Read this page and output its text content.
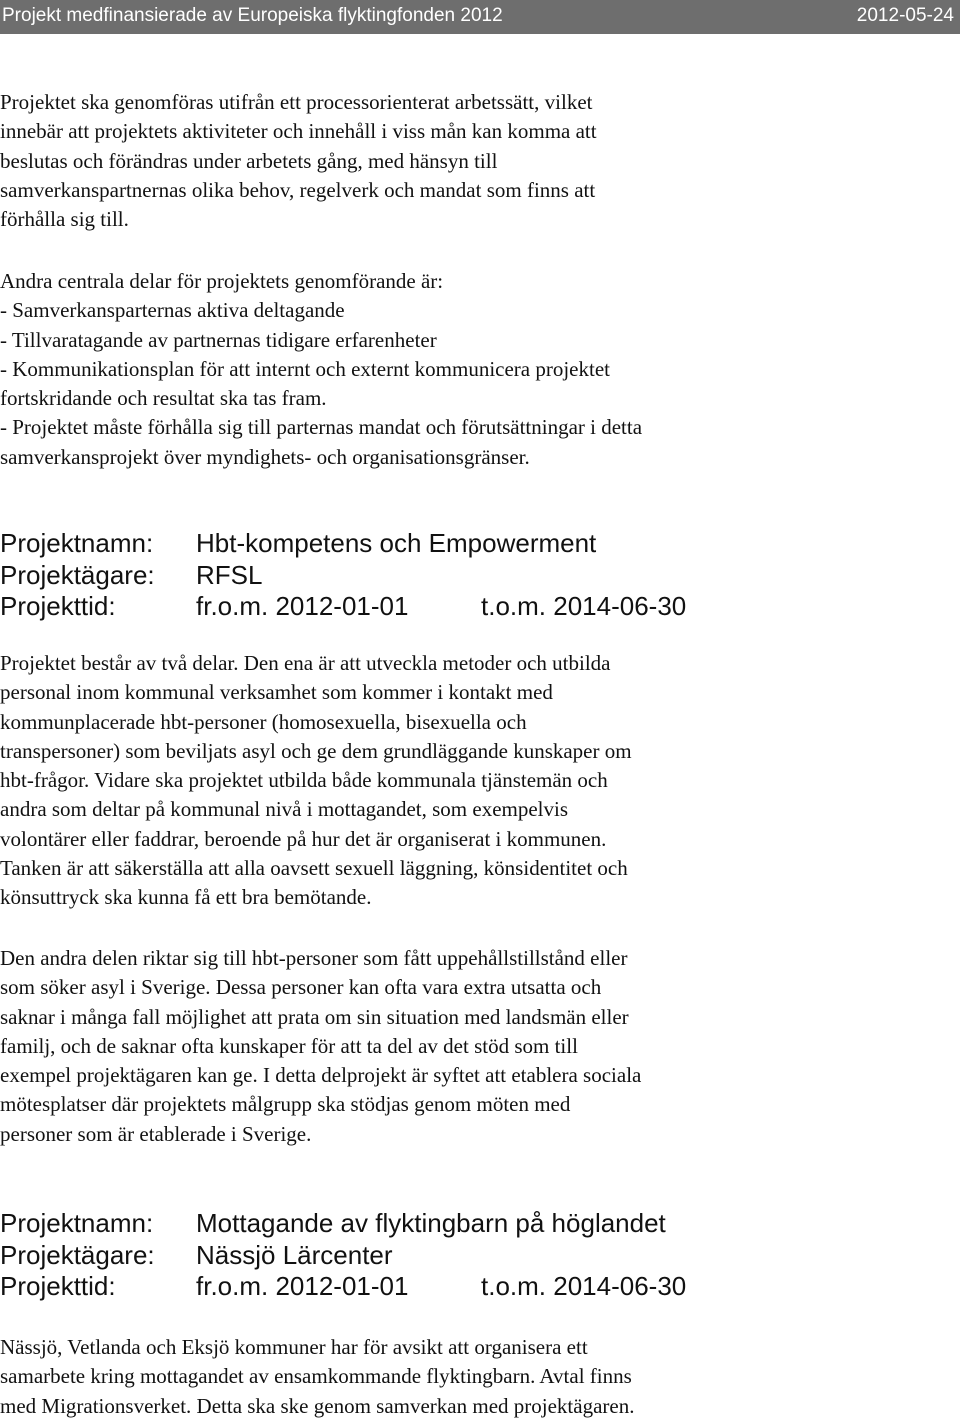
Projekt medfinansierade av Europeiska flyktingfonden 2012	2012-05-24

Projektet ska genomföras utifrån ett processorienterat arbetssätt, vilket
innebär att projektets aktiviteter och innehåll i viss mån kan komma att
beslutas och förändras under arbetets gång, med hänsyn till
samverkanspartnernas olika behov, regelverk och mandat som finns att
förhålla sig till.

Andra centrala delar för projektets genomförande är:
- Samverkansparternas aktiva deltagande
- Tillvaratagande av partnernas tidigare erfarenheter
- Kommunikationsplan för att internt och externt kommunicera projektet
fortskridande och resultat ska tas fram.
- Projektet måste förhålla sig till parternas mandat och förutsättningar i detta
samverkansprojekt över myndighets- och organisationsgränser.

Projektnamn: Hbt-kompetens och Empowerment
Projektägare: RFSL
Projekttid:	fr.o.m. 2012-01-01	t.o.m. 2014-06-30

Projektet består av två delar. Den ena är att utveckla metoder och utbilda
personal inom kommunal verksamhet som kommer i kontakt med
kommunplacerade hbt-personer (homosexuella, bisexuella och
transpersoner) som beviljats asyl och ge dem grundläggande kunskaper om
hbt-frågor. Vidare ska projektet utbilda både kommunala tjänstemän och
andra som deltar på kommunal nivå i mottagandet, som exempelvis
volontärer eller faddrar, beroende på hur det är organiserat i kommunen.
Tanken är att säkerställa att alla oavsett sexuell läggning, könsidentitet och
könsuttryck ska kunna få ett bra bemötande.

Den andra delen riktar sig till hbt-personer som fått uppehållstillstånd eller
som söker asyl i Sverige. Dessa personer kan ofta vara extra utsatta och
saknar i många fall möjlighet att prata om sin situation med landsmän eller
familj, och de saknar ofta kunskaper för att ta del av det stöd som till
exempel projektägaren kan ge. I detta delprojekt är syftet att etablera sociala
mötesplatser där projektets målgrupp ska stödjas genom möten med
personer som är etablerade i Sverige.

Projektnamn: Mottagande av flyktingbarn på höglandet
Projektägare: Nässjö Lärcenter
Projekttid:	fr.o.m. 2012-01-01	t.o.m. 2014-06-30

Nässjö, Vetlanda och Eksjö kommuner har för avsikt att organisera ett
samarbete kring mottagandet av ensamkommande flyktingbarn. Avtal finns
med Migrationsverket. Detta ska ske genom samverkan med projektägaren.
